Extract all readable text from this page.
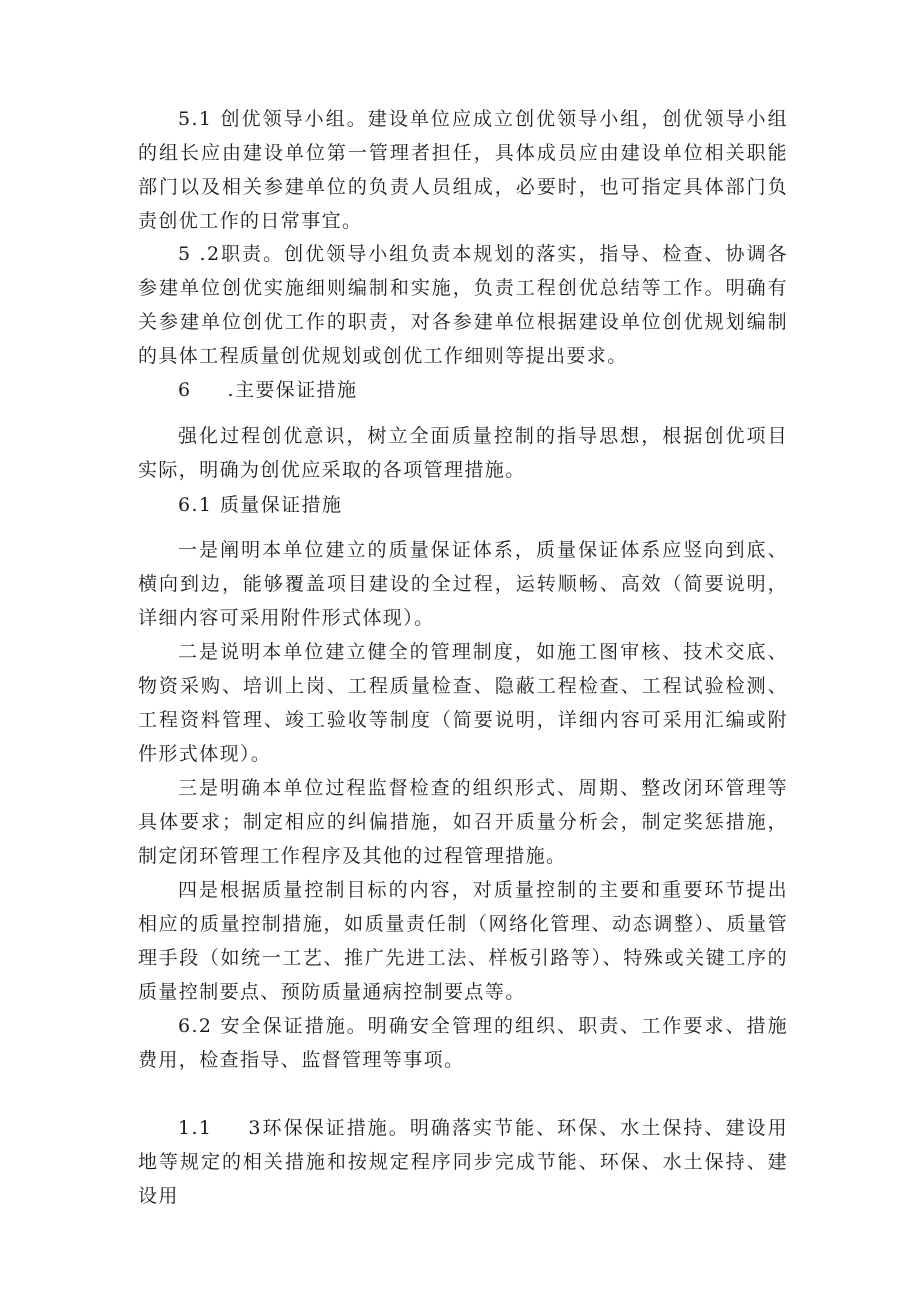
5.1 创优领导小组。建设单位应成立创优领导小组，创优领导小组的组长应由建设单位第一管理者担任，具体成员应由建设单位相关职能部门以及相关参建单位的负责人员组成，必要时，也可指定具体部门负责创优工作的日常事宜。

5 .2职责。创优领导小组负责本规划的落实，指导、检查、协调各参建单位创优实施细则编制和实施，负责工程创优总结等工作。明确有关参建单位创优工作的职责，对各参建单位根据建设单位创优规划编制的具体工程质量创优规划或创优工作细则等提出要求。

6 .主要保证措施

强化过程创优意识，树立全面质量控制的指导思想，根据创优项目实际，明确为创优应采取的各项管理措施。

6.1 质量保证措施

一是阐明本单位建立的质量保证体系，质量保证体系应竖向到底、横向到边，能够覆盖项目建设的全过程，运转顺畅、高效（简要说明，详细内容可采用附件形式体现）。

二是说明本单位建立健全的管理制度，如施工图审核、技术交底、物资采购、培训上岗、工程质量检查、隐蔽工程检查、工程试验检测、工程资料管理、竣工验收等制度（简要说明，详细内容可采用汇编或附件形式体现）。

三是明确本单位过程监督检查的组织形式、周期、整改闭环管理等具体要求；制定相应的纠偏措施，如召开质量分析会，制定奖惩措施，制定闭环管理工作程序及其他的过程管理措施。

四是根据质量控制目标的内容，对质量控制的主要和重要环节提出相应的质量控制措施，如质量责任制（网络化管理、动态调整）、质量管理手段（如统一工艺、推广先进工法、样板引路等）、特殊或关键工序的质量控制要点、预防质量通病控制要点等。

6.2 安全保证措施。明确安全管理的组织、职责、工作要求、措施费用，检查指导、监督管理等事项。

1.1 3环保保证措施。明确落实节能、环保、水土保持、建设用地等规定的相关措施和按规定程序同步完成节能、环保、水土保持、建设用
